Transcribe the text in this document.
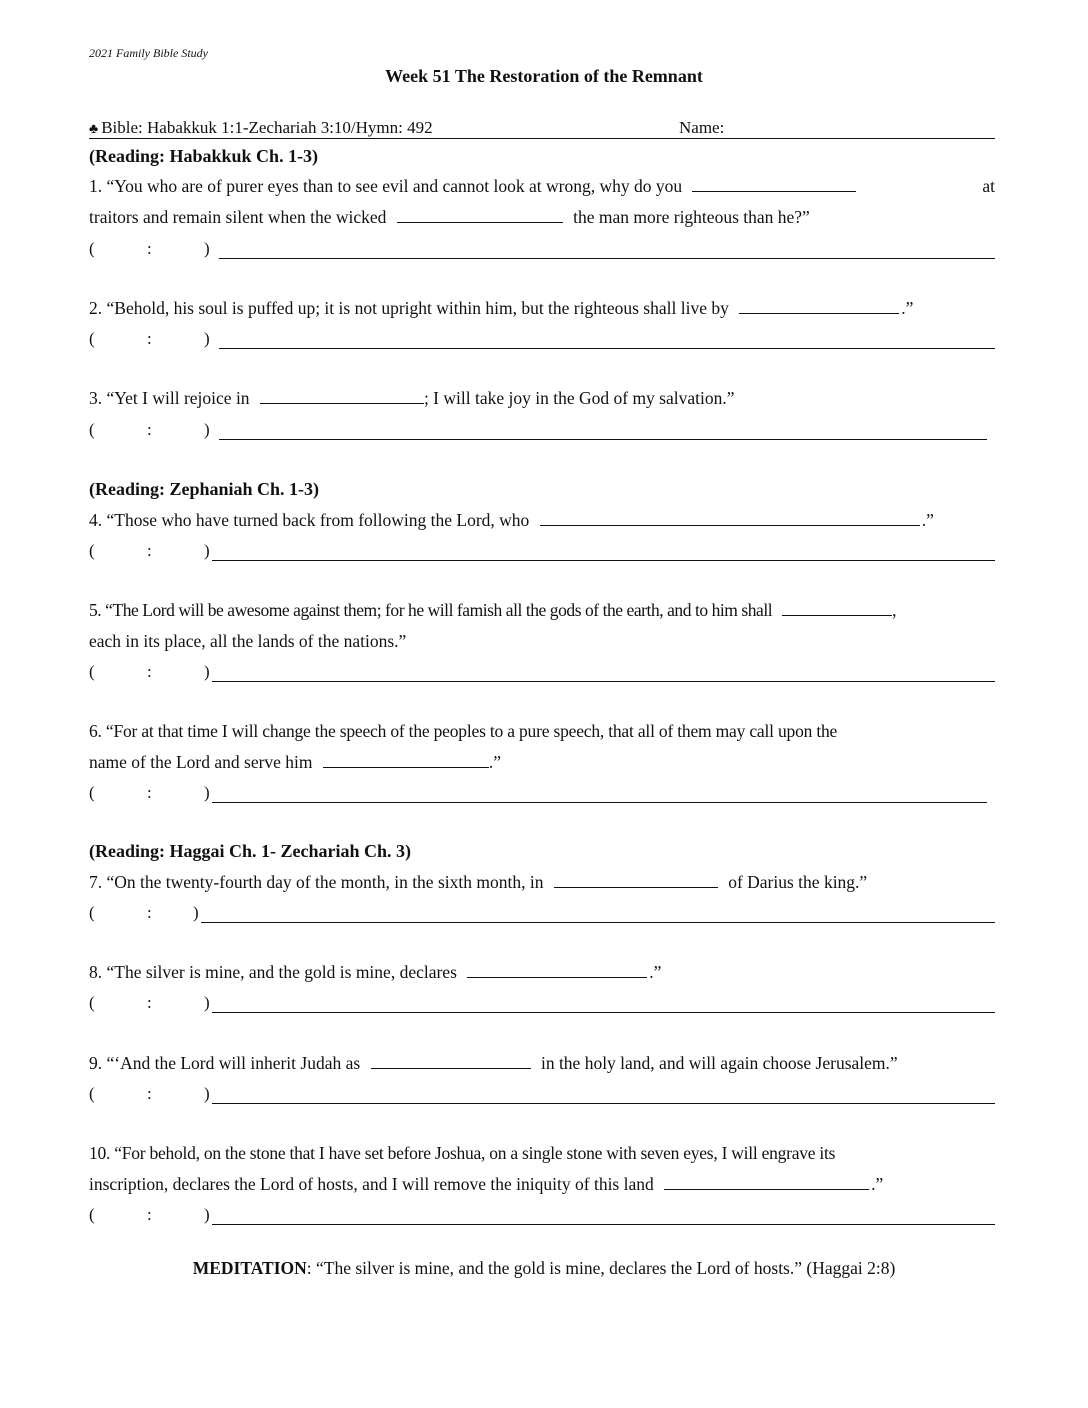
2021 Family Bible Study
Week 51 The Restoration of the Remnant
♣ Bible: Habakkuk 1:1-Zechariah 3:10/Hymn: 492	Name:
(Reading: Habakkuk Ch. 1-3)
1. “You who are of purer eyes than to see evil and cannot look at wrong, why do you	at
traitors and remain silent when the wicked	the man more righteous than he?”
(	:	)
2. “Behold, his soul is puffed up; it is not upright within him, but the righteous shall live by	.”
(	:	)
3. “Yet I will rejoice in	; I will take joy in the God of my salvation.”
(	:	)
(Reading: Zephaniah Ch. 1-3)
4. “Those who have turned back from following the Lord, who	.”
(	:	)
5. “The Lord will be awesome against them; for he will famish all the gods of the earth, and to him shall	,
each in its place, all the lands of the nations.”
(	:	)
6. “For at that time I will change the speech of the peoples to a pure speech, that all of them may call upon the
name of the Lord and serve him	.”
(	:	)
(Reading: Haggai Ch. 1- Zechariah Ch. 3)
7. “On the twenty-fourth day of the month, in the sixth month, in	of Darius the king.”
(	: )
8. “The silver is mine, and the gold is mine, declares	.”
(	:	)
9. “‘And the Lord will inherit Judah as	in the holy land, and will again choose Jerusalem.”
(	:	)
10. “For behold, on the stone that I have set before Joshua, on a single stone with seven eyes, I will engrave its
inscription, declares the Lord of hosts, and I will remove the iniquity of this land	.”
(	:	)
MEDITATION: “The silver is mine, and the gold is mine, declares the Lord of hosts.” (Haggai 2:8)
